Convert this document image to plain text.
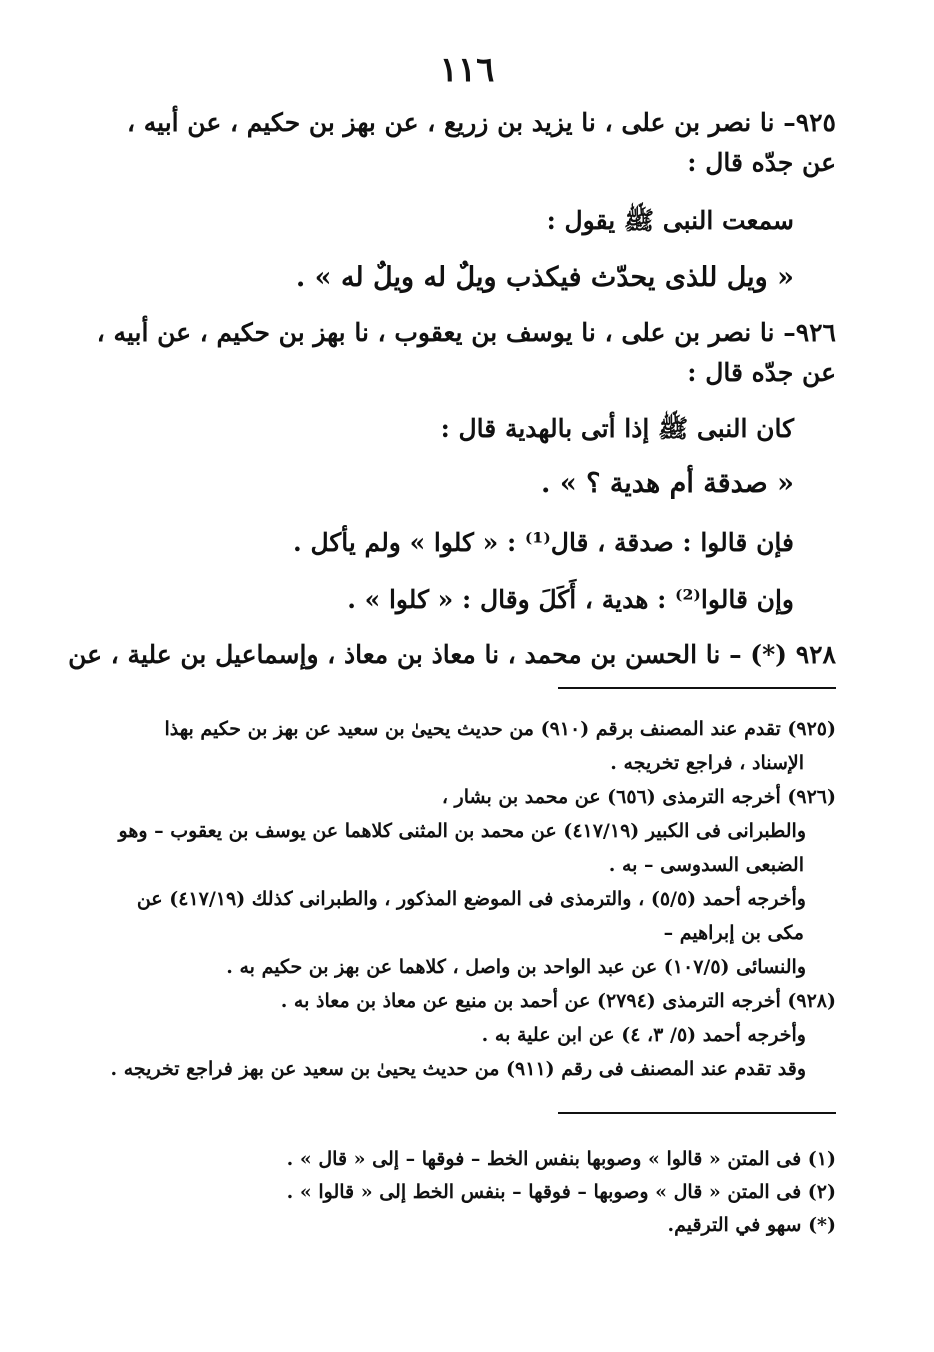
١١٦
٩٢٥– نا نصر بن على ، نا يزيد بن زريع ، عن بهز بن حكيم ، عن أبيه ،
عن جدّه قال :
سمعت النبى ﷺ يقول :
« ويل للذى يحدّث فيكذب ويلٌ له ويلٌ له » .
٩٢٦– نا نصر بن على ، نا يوسف بن يعقوب ، نا بهز بن حكيم ، عن أبيه ،
عن جدّه قال :
كان النبى ﷺ إذا أتى بالهدية قال :
« صدقة أم هدية ؟ » .
فإن قالوا : صدقة ، قال⁽¹⁾ : « كلوا » ولم يأكل .
وإن قالوا⁽²⁾ : هدية ، أَكَلَ وقال : « كلوا » .
٩٢٨ (*) – نا الحسن بن محمد ، نا معاذ بن معاذ ، وإسماعيل بن علية ، عن
(٩٢٥) تقدم عند المصنف برقم (٩١٠) من حديث يحيىٰ بن سعيد عن بهز بن حكيم بهذا
الإسناد ، فراجع تخريجه .
(٩٢٦) أخرجه الترمذى (٦٥٦) عن محمد بن بشار ،
والطبرانى فى الكبير (٤١٧/١٩) عن محمد بن المثنى كلاهما عن يوسف بن يعقوب – وهو
الضبعى السدوسى – به .
وأخرجه أحمد (٥/٥) ، والترمذى فى الموضع المذكور ، والطبرانى كذلك (٤١٧/١٩) عن
مكى بن إبراهيم –
والنسائى (١٠٧/٥) عن عبد الواحد بن واصل ، كلاهما عن بهز بن حكيم به .
(٩٢٨) أخرجه الترمذى (٢٧٩٤) عن أحمد بن منيع عن معاذ بن معاذ به .
وأخرجه أحمد (٥/ ٣، ٤) عن ابن علية به .
وقد تقدم عند المصنف فى رقم (٩١١) من حديث يحيىٰ بن سعيد عن بهز فراجع تخريجه .
(١) فى المتن « قالوا » وصوبها بنفس الخط – فوقها – إلى « قال » .
(٢) فى المتن « قال » وصوبها – فوقها – بنفس الخط إلى « قالوا » .
(*) سهو في الترقيم.
